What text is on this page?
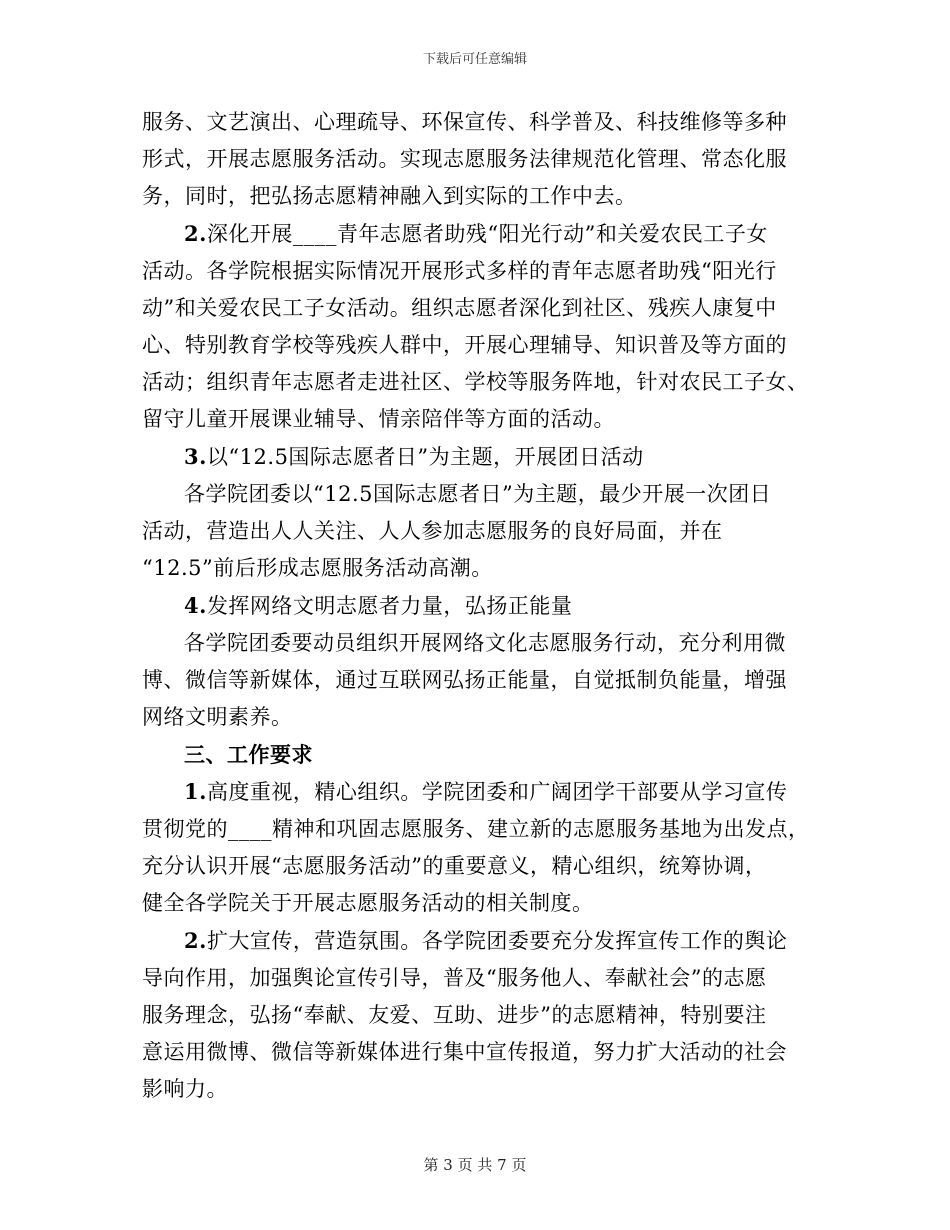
下载后可任意编辑

服务、文艺演出、心理疏导、环保宣传、科学普及、科技维修等多种
形式，开展志愿服务活动。实现志愿服务法律规范化管理、常态化服
务，同时，把弘扬志愿精神融入到实际的工作中去。

2.深化开展____青年志愿者助残“阳光行动”和关爱农民工子女
活动。各学院根据实际情况开展形式多样的青年志愿者助残“阳光行
动”和关爱农民工子女活动。组织志愿者深化到社区、残疾人康复中
心、特别教育学校等残疾人群中，开展心理辅导、知识普及等方面的
活动；组织青年志愿者走进社区、学校等服务阵地，针对农民工子女、
留守儿童开展课业辅导、情亲陪伴等方面的活动。

3.以“12.5国际志愿者日”为主题，开展团日活动

各学院团委以“12.5国际志愿者日”为主题，最少开展一次团日
活动，营造出人人关注、人人参加志愿服务的良好局面，并在
“12.5”前后形成志愿服务活动高潮。

4.发挥网络文明志愿者力量，弘扬正能量

各学院团委要动员组织开展网络文化志愿服务行动，充分利用微
博、微信等新媒体，通过互联网弘扬正能量，自觉抵制负能量，增强
网络文明素养。

三、工作要求

1.高度重视，精心组织。学院团委和广阔团学干部要从学习宣传
贯彻党的____精神和巩固志愿服务、建立新的志愿服务基地为出发点，
充分认识开展“志愿服务活动”的重要意义，精心组织，统筹协调，
健全各学院关于开展志愿服务活动的相关制度。

2.扩大宣传，营造氛围。各学院团委要充分发挥宣传工作的舆论
导向作用，加强舆论宣传引导，普及“服务他人、奉献社会”的志愿
服务理念，弘扬“奉献、友爱、互助、进步”的志愿精神，特别要注
意运用微博、微信等新媒体进行集中宣传报道，努力扩大活动的社会
影响力。

第 3 页 共 7 页
